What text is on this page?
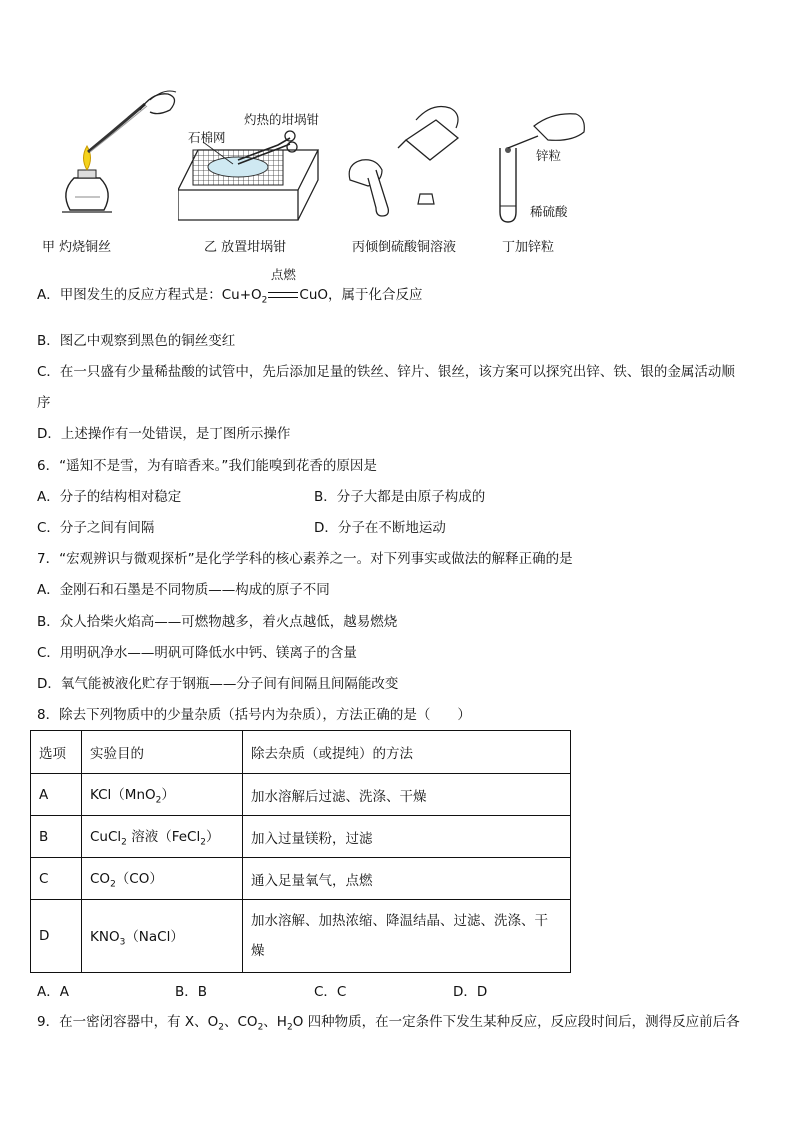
甲 灼烧铜丝
灼热的坩埚钳
石棉网
乙 放置坩埚钳	丙倾倒硫酸铜溶液
锌粒
稀硫酸
丁加锌粒
A．甲图发生的反应方程式是：$Cu+O_2$
点燃
CuO，属于化合反应
B．图乙中观察到黑色的铜丝变红
C．在一只盛有少量稀盐酸的试管中，先后添加足量的铁丝、锌片、银丝，该方案可以探究出锌、铁、银的金属活动顺
序
D．上述操作有一处错误，是丁图所示操作
6．“遥知不是雪，为有暗香来。”我们能嗅到花香的原因是
A．分子的结构相对稳定	B．分子大都是由原子构成的
C．分子之间有间隔	D．分子在不断地运动
7．“宏观辨识与微观探析”是化学学科的核心素养之一。对下列事实或做法的解释正确的是
A．金刚石和石墨是不同物质——构成的原子不同
B．众人拾柴火焰高——可燃物越多，着火点越低，越易燃烧
C．用明矾净水——明矾可降低水中钙、镁离子的含量
D．氧气能被液化贮存于钢瓶——分子间有间隔且间隔能改变
8．除去下列物质中的少量杂质（括号内为杂质），方法正确的是（　　）
选项	实验目的	除去杂质（或提纯）的方法
A	KCl（MnO$_2$）	加水溶解后过滤、洗涤、干燥
B	CuCl$_2$ 溶液（FeCl$_2$）	加入过量镁粉，过滤
C	$CO_2(CO)$	通入足量氧气，点燃
D	$KNO_3(NaCl)$	加水溶解、加热浓缩、降温结晶、过滤、洗涤、干
燥
A．A	B．B	C．C	D．D
9．在一密闭容器中，有 X、$O_2$、$CO_2$、$H_2O$ 四种物质，在一定条件下发生某种反应，反应段时间后，测得反应前后各
